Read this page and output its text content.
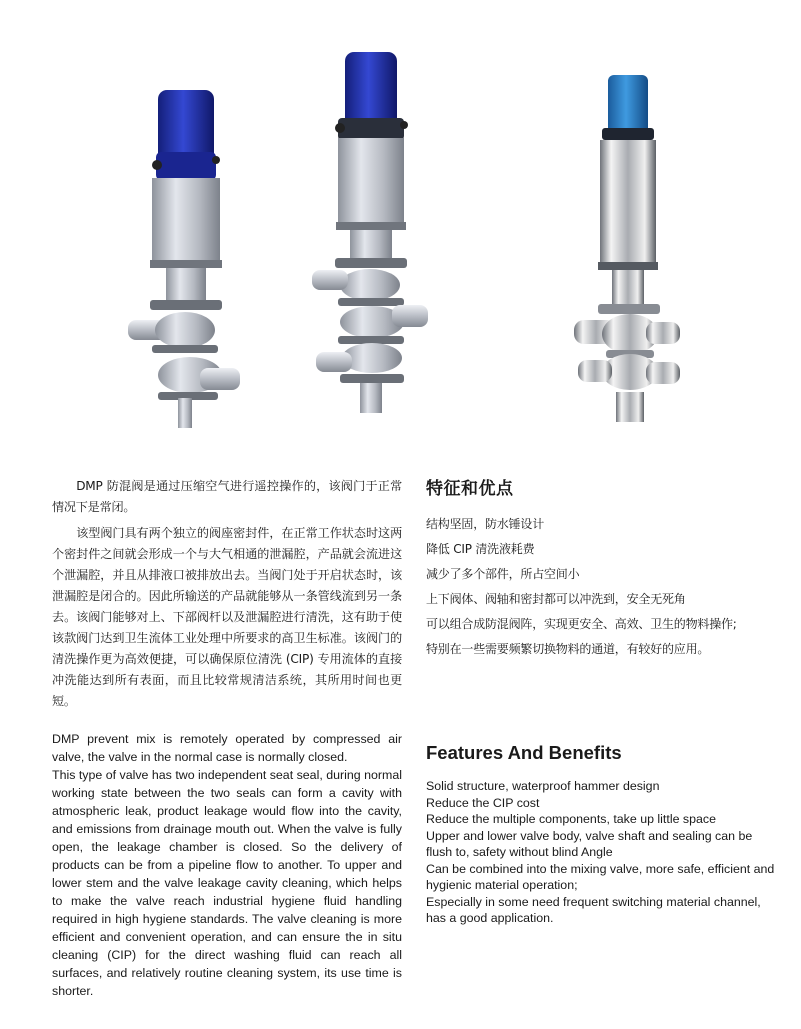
DMP 防混阀是通过压缩空气进行遥控操作的，该阀门于正常情况下是常闭。

该型阀门具有两个独立的阀座密封件，在正常工作状态时这两个密封件之间就会形成一个与大气相通的泄漏腔，产品就会流进这个泄漏腔，并且从排液口被排放出去。当阀门处于开启状态时，该泄漏腔是闭合的。因此所输送的产品就能够从一条管线流到另一条去。该阀门能够对上、下部阀杆以及泄漏腔进行清洗，这有助于使该款阀门达到卫生流体工业处理中所要求的高卫生标准。该阀门的清洗操作更为高效便捷，可以确保原位清洗 (CIP) 专用流体的直接冲洗能达到所有表面，而且比较常规清洁系统，其所用时间也更短。

特征和优点
结构坚固，防水锤设计
降低 CIP 清洗液耗费
减少了多个部件，所占空间小
上下阀体、阀轴和密封都可以冲洗到，安全无死角
可以组合成防混阀阵，实现更安全、高效、卫生的物料操作;
特别在一些需要频繁切换物料的通道，有较好的应用。

DMP prevent mix is remotely operated by compressed air valve, the valve in the normal case is normally closed.

This type of valve has two independent seat seal, during normal working state between the two seals can form a cavity with atmospheric leak, product leakage would flow into the cavity, and emissions from drainage mouth out. When the valve is fully open, the leakage chamber is closed. So the delivery of products can be from a pipeline flow to another. To upper and lower stem and the valve leakage cavity cleaning, which helps to make the valve reach industrial hygiene fluid handling required in high hygiene standards. The valve cleaning is more efficient and convenient operation, and can ensure the in situ cleaning (CIP) for the direct washing fluid can reach all surfaces, and relatively routine cleaning system, its use time is shorter.

Features And Benefits
Solid structure, waterproof hammer design
Reduce the CIP cost
Reduce the multiple components, take up little space
Upper and lower valve body, valve shaft and sealing can be flush to, safety without blind Angle
Can be combined into the mixing valve, more safe, efficient and hygienic material operation;
Especially in some need frequent switching material channel, has a good application.
